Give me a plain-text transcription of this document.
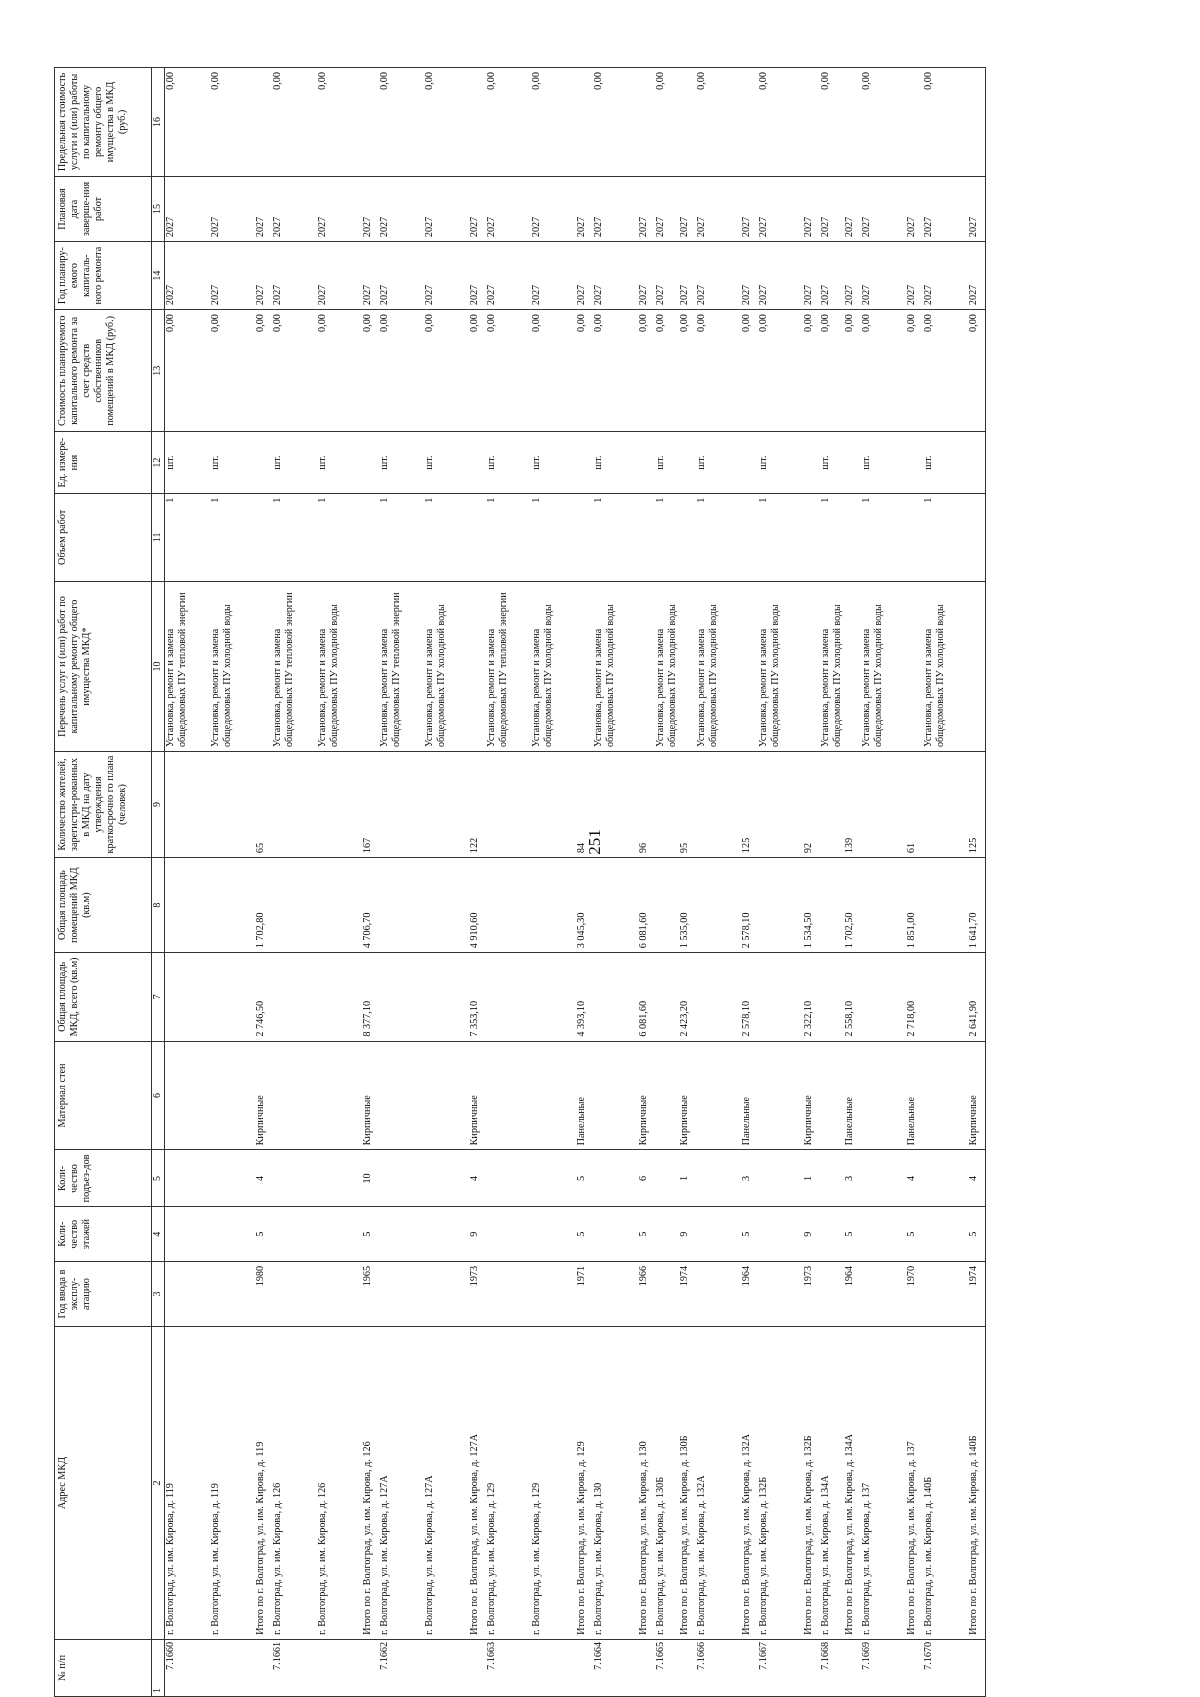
251
№ п/п	Адрес МКД	Год ввода в эксплу-атацию	Коли-чество этажей	Коли-чество подъез-дов	Материал стен	Общая площадь МКД, всего (кв.м)	Общая площадь помещений МКД (кв.м)	Количество жителей, зарегистри-рованных в МКД на дату утверждения краткосрочно го плана (человек)	Перечень услуг и (или) работ по капитальному ремонту общего имущества МКД*	Объем работ	Ед. измере-ния	Стоимость планируемого капитального ремонта за счет средств собственников помещений в МКД (руб.)	Год планиру-емого капиталь-ного ремонта	Плановая дата заверше-ния работ	Предельная стоимость услуги и (или) работы по капитальному ремонту общего имущества в МКД (руб.)
1	2	3	4	5	6	7	8	9	10	11	12	13	14	15	16
7.1660	г. Волгоград, ул. им. Кирова, д. 119								Установка, ремонт и замена общедомовых ПУ тепловой энергии	1	шт.	0,00	2027	2027	0,00
	г. Волгоград, ул. им. Кирова, д. 119								Установка, ремонт и замена общедомовых ПУ холодной воды	1	шт.	0,00	2027	2027	0,00
	Итого по г. Волгоград, ул. им. Кирова, д. 119	1980	5	4	Кирпичные	2 746,50	1 702,80	65				0,00	2027	2027	
7.1661	г. Волгоград, ул. им. Кирова, д. 126								Установка, ремонт и замена общедомовых ПУ тепловой энергии	1	шт.	0,00	2027	2027	0,00
	г. Волгоград, ул. им. Кирова, д. 126								Установка, ремонт и замена общедомовых ПУ холодной воды	1	шт.	0,00	2027	2027	0,00
	Итого по г. Волгоград, ул. им. Кирова, д. 126	1965	5	10	Кирпичные	8 377,10	4 706,70	167				0,00	2027	2027	
7.1662	г. Волгоград, ул. им. Кирова, д. 127А								Установка, ремонт и замена общедомовых ПУ тепловой энергии	1	шт.	0,00	2027	2027	0,00
	г. Волгоград, ул. им. Кирова, д. 127А								Установка, ремонт и замена общедомовых ПУ холодной воды	1	шт.	0,00	2027	2027	0,00
	Итого по г. Волгоград, ул. им. Кирова, д. 127А	1973	9	4	Кирпичные	7 353,10	4 910,60	122				0,00	2027	2027	
7.1663	г. Волгоград, ул. им. Кирова, д. 129								Установка, ремонт и замена общедомовых ПУ тепловой энергии	1	шт.	0,00	2027	2027	0,00
	г. Волгоград, ул. им. Кирова, д. 129								Установка, ремонт и замена общедомовых ПУ холодной воды	1	шт.	0,00	2027	2027	0,00
	Итого по г. Волгоград, ул. им. Кирова, д. 129	1971	5	5	Панельные	4 393,10	3 045,30	84				0,00	2027	2027	
7.1664	г. Волгоград, ул. им. Кирова, д. 130								Установка, ремонт и замена общедомовых ПУ холодной воды	1	шт.	0,00	2027	2027	0,00
	Итого по г. Волгоград, ул. им. Кирова, д. 130	1966	5	6	Кирпичные	6 081,60	6 081,60	96				0,00	2027	2027	
7.1665	г. Волгоград, ул. им. Кирова, д. 130Б								Установка, ремонт и замена общедомовых ПУ холодной воды	1	шт.	0,00	2027	2027	0,00
	Итого по г. Волгоград, ул. им. Кирова, д. 130Б	1974	9	1	Кирпичные	2 423,20	1 535,00	95				0,00	2027	2027	
7.1666	г. Волгоград, ул. им. Кирова, д. 132А								Установка, ремонт и замена общедомовых ПУ холодной воды	1	шт.	0,00	2027	2027	0,00
	Итого по г. Волгоград, ул. им. Кирова, д. 132А	1964	5	3	Панельные	2 578,10	2 578,10	125				0,00	2027	2027	
7.1667	г. Волгоград, ул. им. Кирова, д. 132Б								Установка, ремонт и замена общедомовых ПУ холодной воды	1	шт.	0,00	2027	2027	0,00
	Итого по г. Волгоград, ул. им. Кирова, д. 132Б	1973	9	1	Кирпичные	2 322,10	1 534,50	92				0,00	2027	2027	
7.1668	г. Волгоград, ул. им. Кирова, д. 134А								Установка, ремонт и замена общедомовых ПУ холодной воды	1	шт.	0,00	2027	2027	0,00
	Итого по г. Волгоград, ул. им. Кирова, д. 134А	1964	5	3	Панельные	2 558,10	1 702,50	139				0,00	2027	2027	
7.1669	г. Волгоград, ул. им. Кирова, д. 137								Установка, ремонт и замена общедомовых ПУ холодной воды	1	шт.	0,00	2027	2027	0,00
	Итого по г. Волгоград, ул. им. Кирова, д. 137	1970	5	4	Панельные	2 718,00	1 851,00	61				0,00	2027	2027	
7.1670	г. Волгоград, ул. им. Кирова, д. 140Б								Установка, ремонт и замена общедомовых ПУ холодной воды	1	шт.	0,00	2027	2027	0,00
	Итого по г. Волгоград, ул. им. Кирова, д. 140Б	1974	5	4	Кирпичные	2 641,90	1 641,70	125				0,00	2027	2027	
